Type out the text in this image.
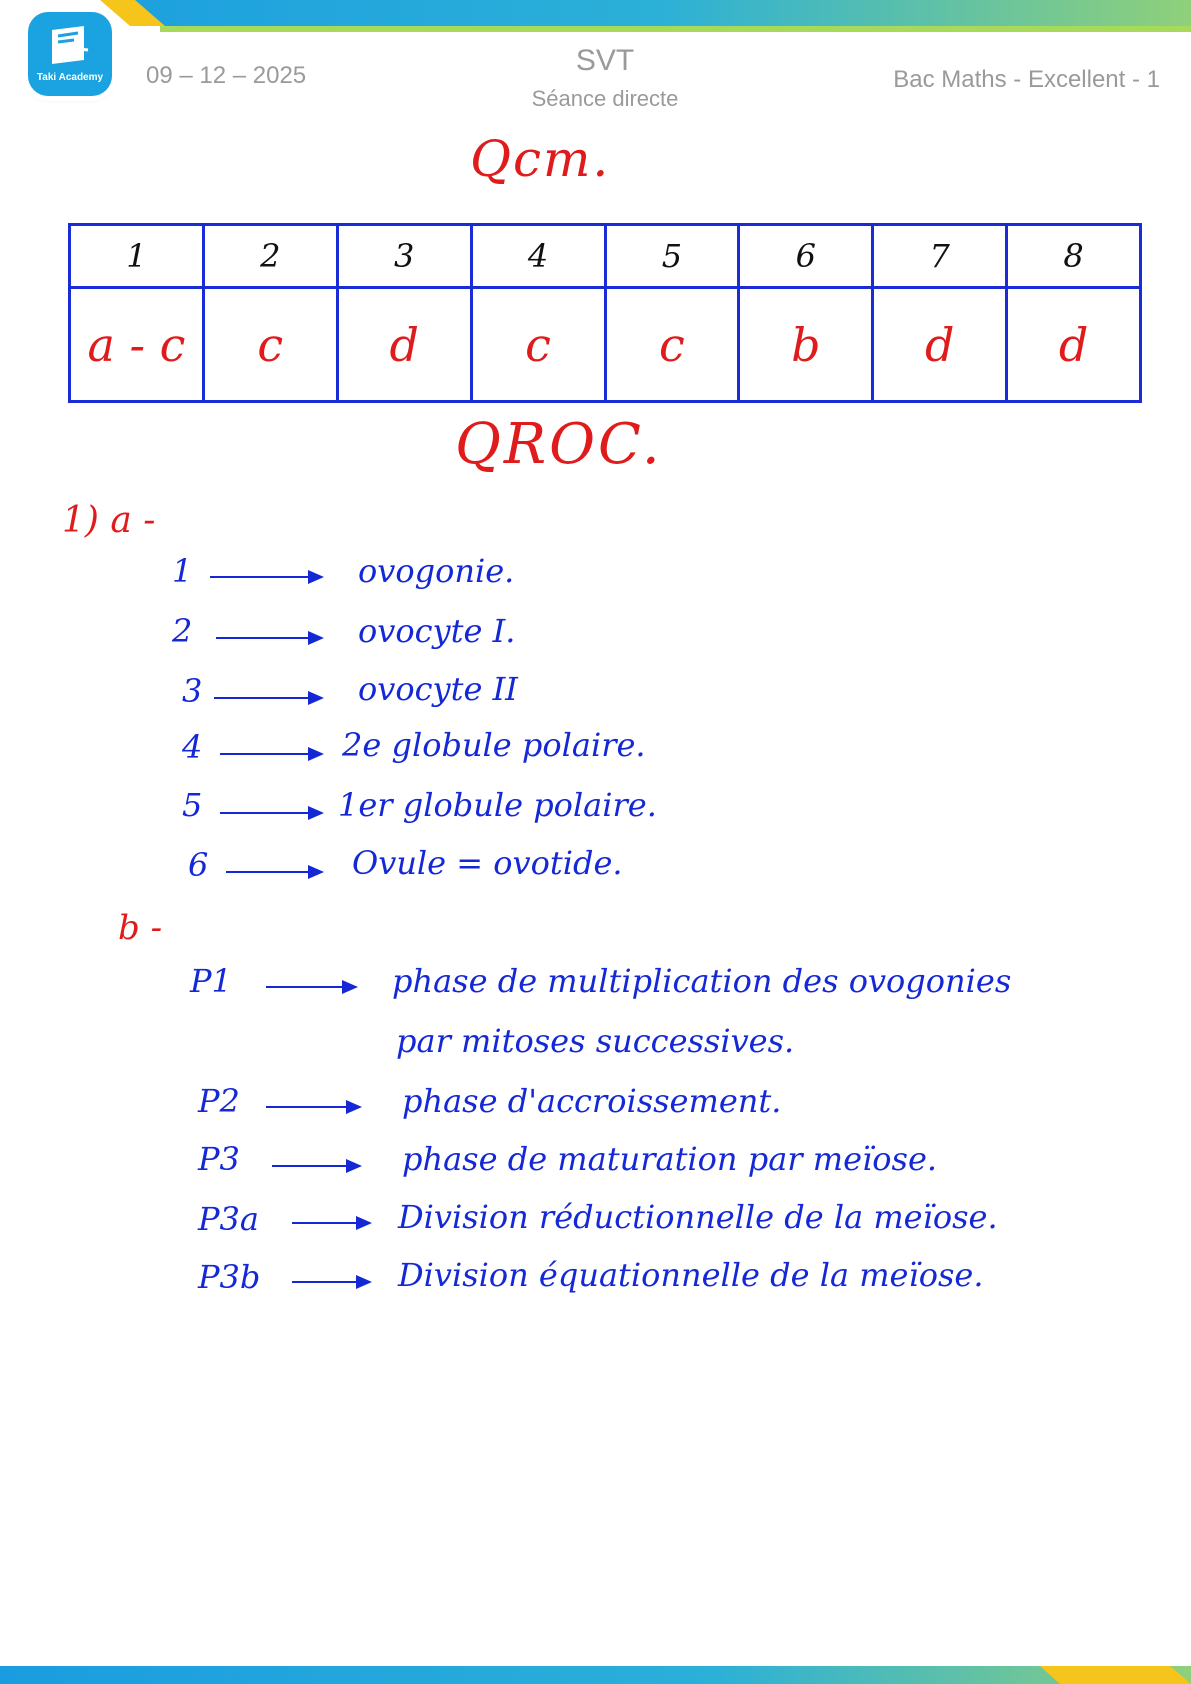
Taki Academy	09 – 12 – 2025	SVT
Séance directe
Bac Maths - Excellent - 1
Qcm.
1	2	3	4	5	6	7	8
a - c	c	d	c	c	b	d	d
QROC.
1) a -
1	ovogonie.
2	ovocyte I.
3	ovocyte II
4	2e globule polaire.
5	1er globule polaire.
6	Ovule = ovotide.
b -
P1	phase de multiplication des ovogonies
par mitoses successives.
P2	phase d'accroissement.
P3	phase de maturation par meïose.
P3a	Division réductionnelle de la meïose.
P3b	Division équationnelle de la meïose.
